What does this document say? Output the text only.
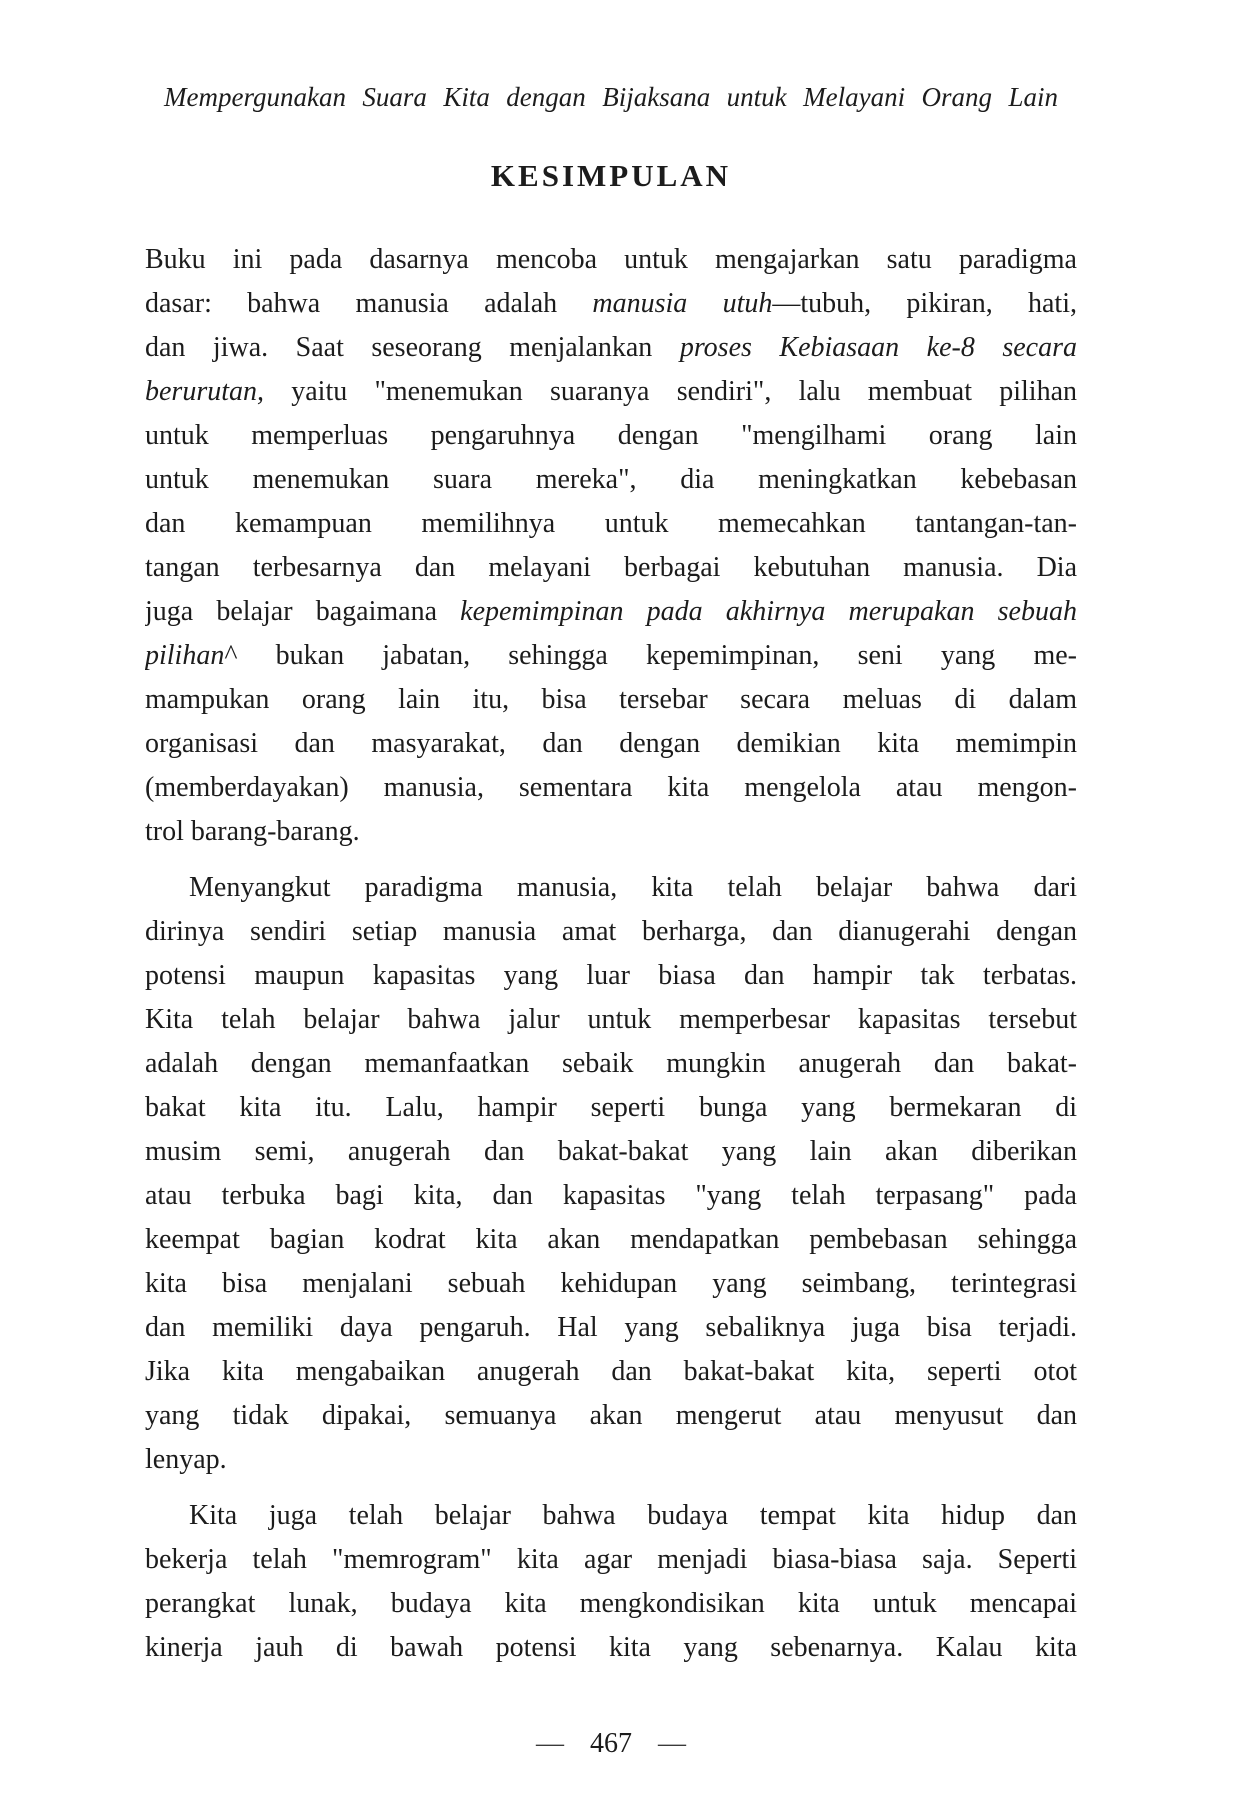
Mempergunakan Suara Kita dengan Bijaksana untuk Melayani Orang Lain
KESIMPULAN
Buku ini pada dasarnya mencoba untuk mengajarkan satu paradigma
dasar: bahwa manusia adalah manusia utuh—tubuh, pikiran, hati,
dan jiwa. Saat seseorang menjalankan proses Kebiasaan ke-8 secara
berurutan, yaitu "menemukan suaranya sendiri", lalu membuat pilihan
untuk memperluas pengaruhnya dengan "mengilhami orang lain
untuk menemukan suara mereka", dia meningkatkan kebebasan
dan kemampuan memilihnya untuk memecahkan tantangan-tan-
tangan terbesarnya dan melayani berbagai kebutuhan manusia. Dia
juga belajar bagaimana kepemimpinan pada akhirnya merupakan sebuah
pilihan^ bukan jabatan, sehingga kepemimpinan, seni yang me-
mampukan orang lain itu, bisa tersebar secara meluas di dalam
organisasi dan masyarakat, dan dengan demikian kita memimpin
(memberdayakan) manusia, sementara kita mengelola atau mengon-
trol barang-barang.
Menyangkut paradigma manusia, kita telah belajar bahwa dari
dirinya sendiri setiap manusia amat berharga, dan dianugerahi dengan
potensi maupun kapasitas yang luar biasa dan hampir tak terbatas.
Kita telah belajar bahwa jalur untuk memperbesar kapasitas tersebut
adalah dengan memanfaatkan sebaik mungkin anugerah dan bakat-
bakat kita itu. Lalu, hampir seperti bunga yang bermekaran di
musim semi, anugerah dan bakat-bakat yang lain akan diberikan
atau terbuka bagi kita, dan kapasitas "yang telah terpasang" pada
keempat bagian kodrat kita akan mendapatkan pembebasan sehingga
kita bisa menjalani sebuah kehidupan yang seimbang, terintegrasi
dan memiliki daya pengaruh. Hal yang sebaliknya juga bisa terjadi.
Jika kita mengabaikan anugerah dan bakat-bakat kita, seperti otot
yang tidak dipakai, semuanya akan mengerut atau menyusut dan
lenyap.
Kita juga telah belajar bahwa budaya tempat kita hidup dan
bekerja telah "memrogram" kita agar menjadi biasa-biasa saja. Seperti
perangkat lunak, budaya kita mengkondisikan kita untuk mencapai
kinerja jauh di bawah potensi kita yang sebenarnya. Kalau kita
— 467 —
